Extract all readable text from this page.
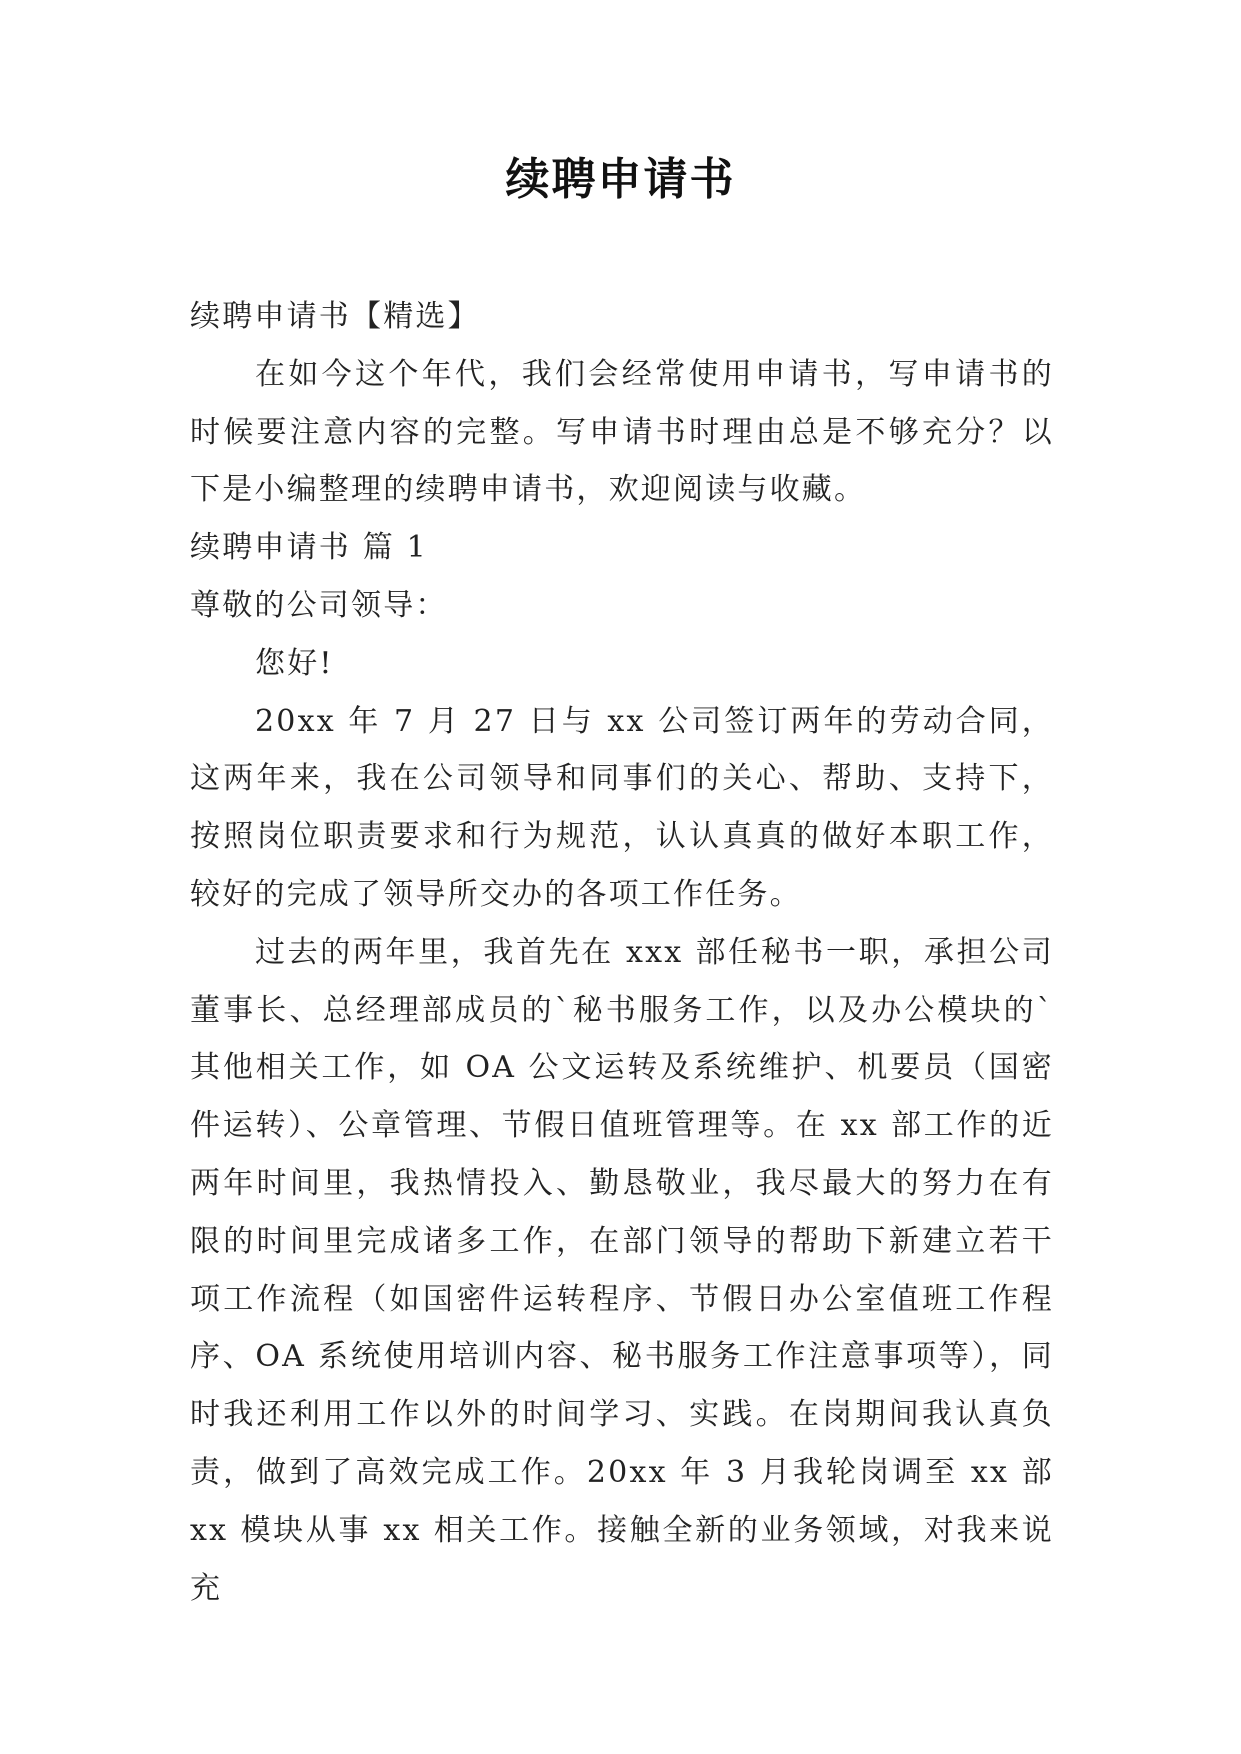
续聘申请书

续聘申请书【精选】

在如今这个年代，我们会经常使用申请书，写申请书的时候要注意内容的完整。写申请书时理由总是不够充分？以下是小编整理的续聘申请书，欢迎阅读与收藏。

续聘申请书 篇 1

尊敬的公司领导：

您好!

20xx 年 7 月 27 日与 xx 公司签订两年的劳动合同，这两年来，我在公司领导和同事们的关心、帮助、支持下，按照岗位职责要求和行为规范，认认真真的做好本职工作，较好的完成了领导所交办的各项工作任务。

过去的两年里，我首先在 xxx 部任秘书一职，承担公司董事长、总经理部成员的`秘书服务工作，以及办公模块的`其他相关工作，如 OA 公文运转及系统维护、机要员（国密件运转）、公章管理、节假日值班管理等。在 xx 部工作的近两年时间里，我热情投入、勤恳敬业，我尽最大的努力在有限的时间里完成诸多工作，在部门领导的帮助下新建立若干项工作流程（如国密件运转程序、节假日办公室值班工作程序、OA 系统使用培训内容、秘书服务工作注意事项等），同时我还利用工作以外的时间学习、实践。在岗期间我认真负责，做到了高效完成工作。20xx 年 3 月我轮岗调至 xx 部 xx 模块从事 xx 相关工作。接触全新的业务领域，对我来说充
